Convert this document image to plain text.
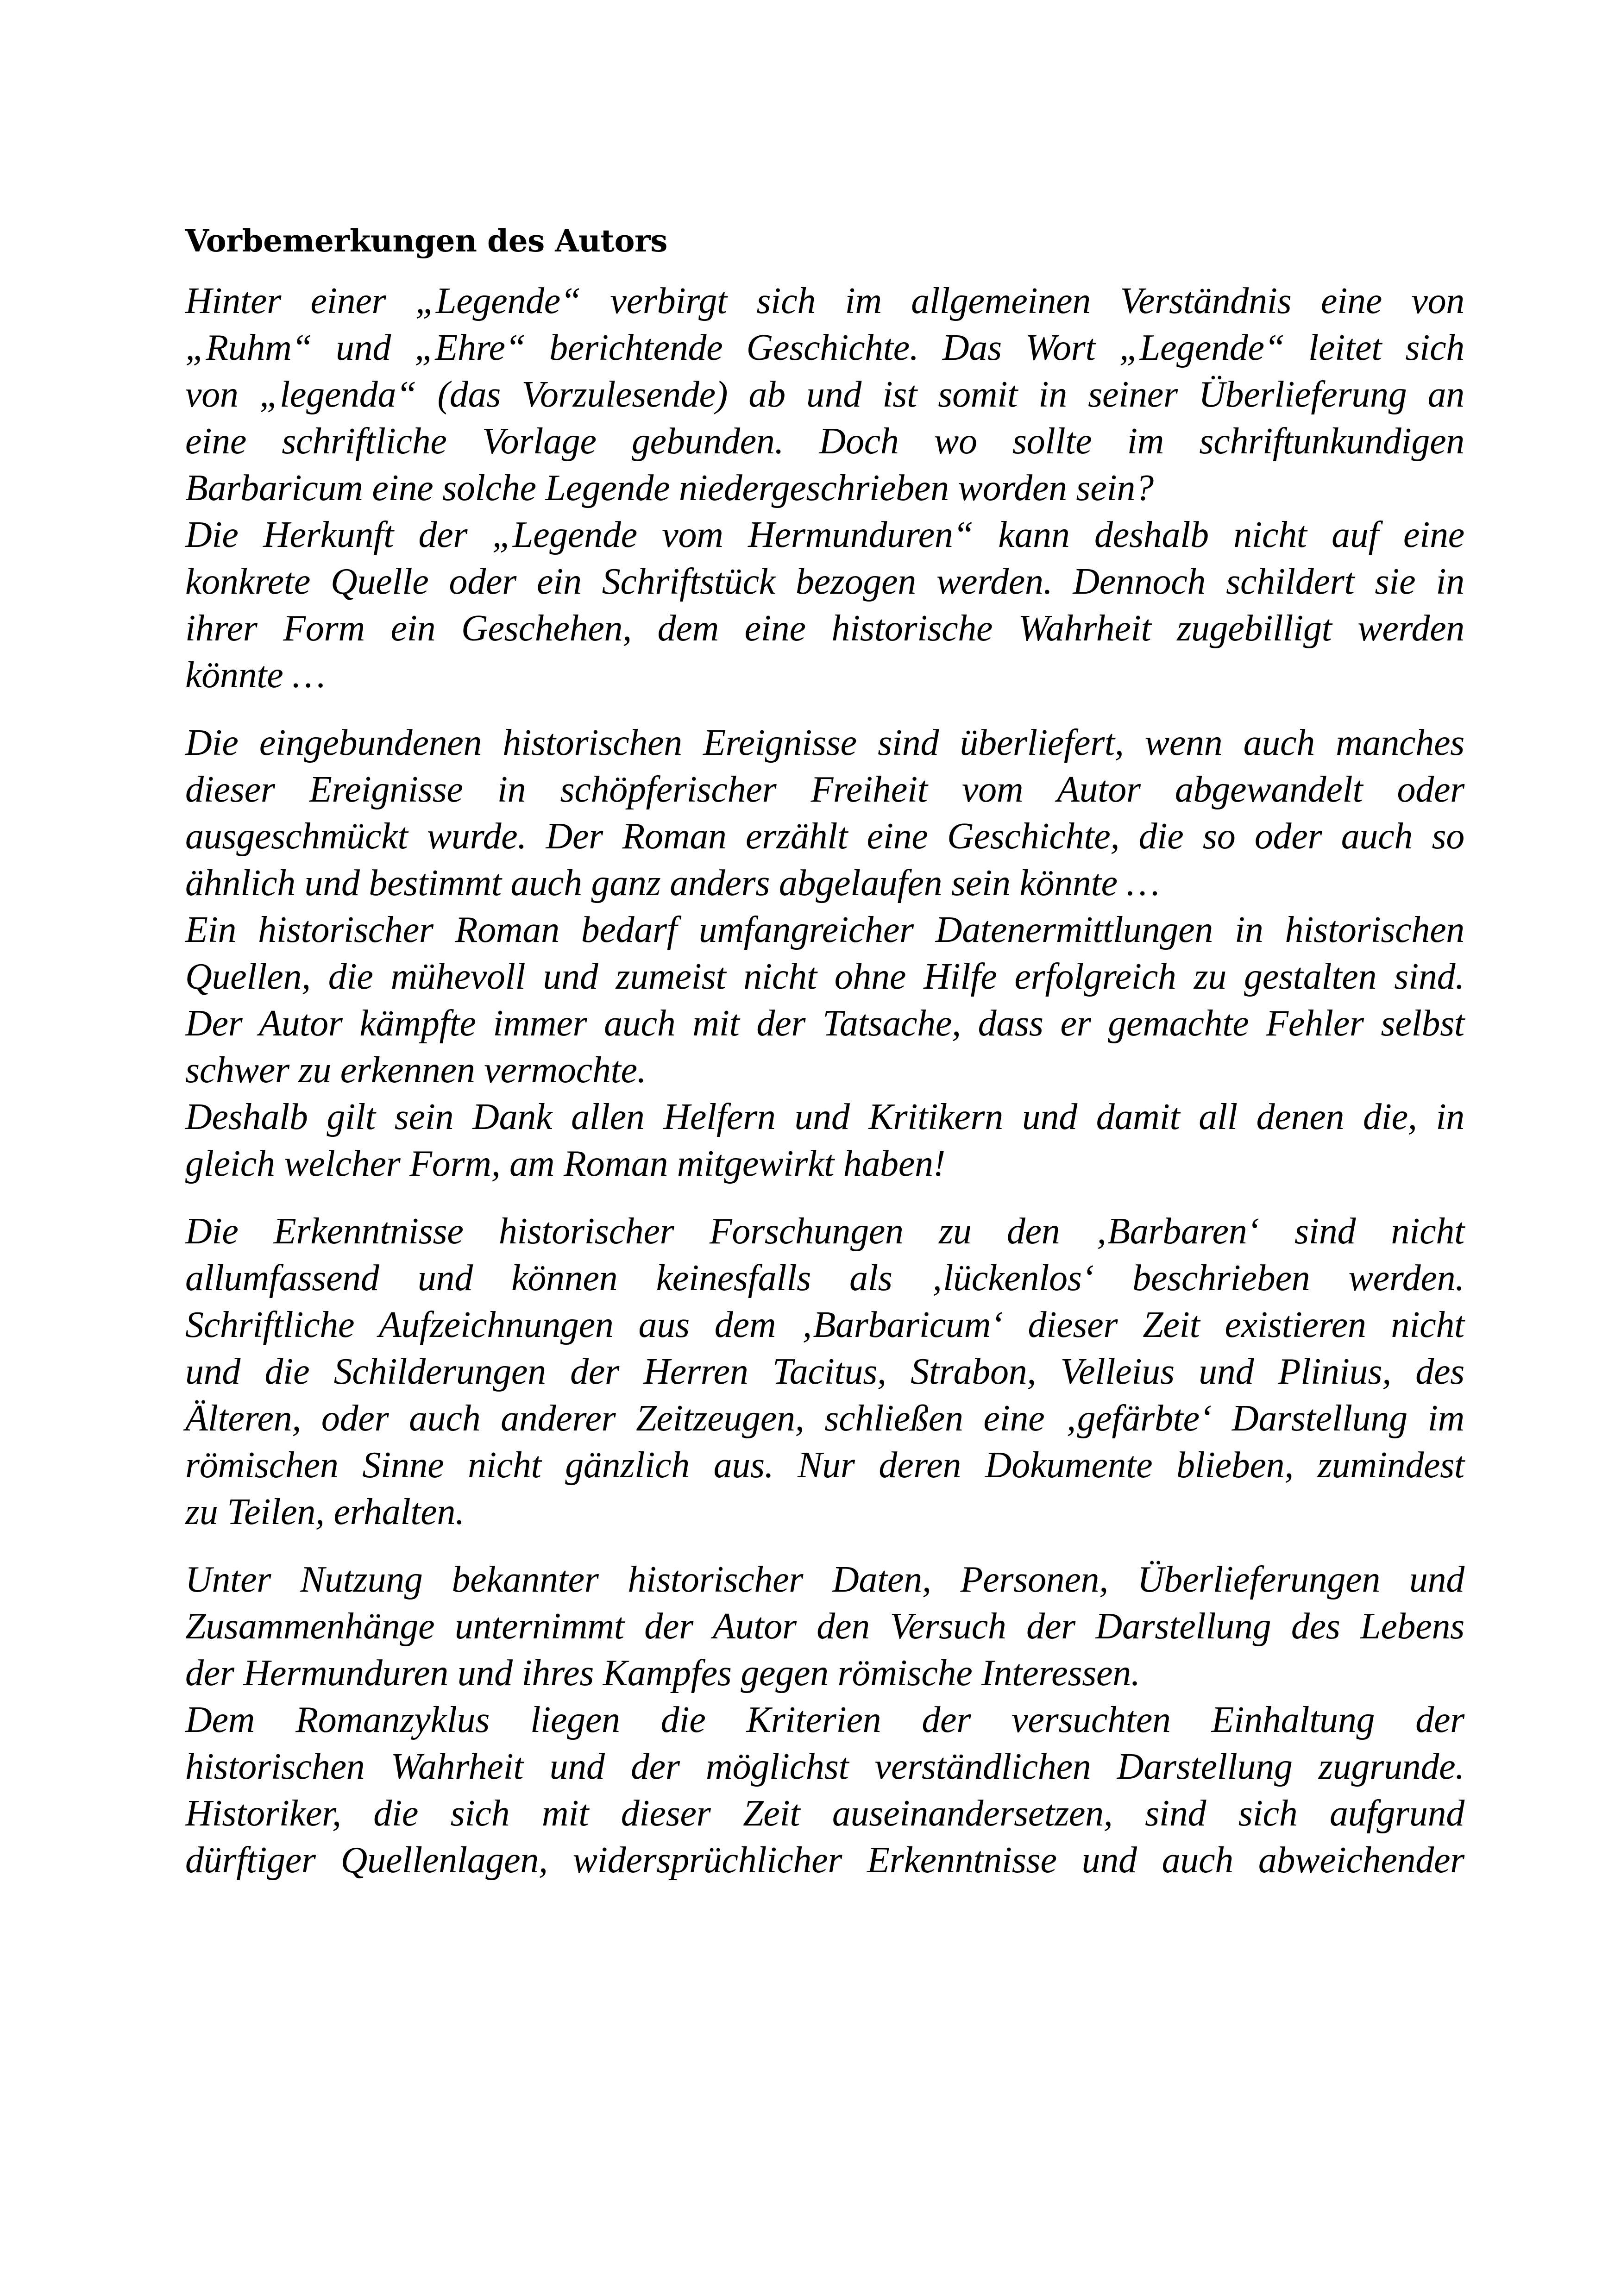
Vorbemerkungen des Autors
Hinter einer „Legende“ verbirgt sich im allgemeinen Verständnis eine von
„Ruhm“ und „Ehre“ berichtende Geschichte. Das Wort „Legende“ leitet sich
von „legenda“ (das Vorzulesende) ab und ist somit in seiner Überlieferung an
eine schriftliche Vorlage gebunden. Doch wo sollte im schriftunkundigen
Barbaricum eine solche Legende niedergeschrieben worden sein?
Die Herkunft der „Legende vom Hermunduren“ kann deshalb nicht auf eine
konkrete Quelle oder ein Schriftstück bezogen werden. Dennoch schildert sie in
ihrer Form ein Geschehen, dem eine historische Wahrheit zugebilligt werden
könnte …
Die eingebundenen historischen Ereignisse sind überliefert, wenn auch manches
dieser Ereignisse in schöpferischer Freiheit vom Autor abgewandelt oder
ausgeschmückt wurde. Der Roman erzählt eine Geschichte, die so oder auch so
ähnlich und bestimmt auch ganz anders abgelaufen sein könnte …
Ein historischer Roman bedarf umfangreicher Datenermittlungen in historischen
Quellen, die mühevoll und zumeist nicht ohne Hilfe erfolgreich zu gestalten sind.
Der Autor kämpfte immer auch mit der Tatsache, dass er gemachte Fehler selbst
schwer zu erkennen vermochte.
Deshalb gilt sein Dank allen Helfern und Kritikern und damit all denen die, in
gleich welcher Form, am Roman mitgewirkt haben!
Die Erkenntnisse historischer Forschungen zu den ‚Barbaren‘ sind nicht
allumfassend und können keinesfalls als ‚lückenlos‘ beschrieben werden.
Schriftliche Aufzeichnungen aus dem ‚Barbaricum‘ dieser Zeit existieren nicht
und die Schilderungen der Herren Tacitus, Strabon, Velleius und Plinius, des
Älteren, oder auch anderer Zeitzeugen, schließen eine ‚gefärbte‘ Darstellung im
römischen Sinne nicht gänzlich aus. Nur deren Dokumente blieben, zumindest
zu Teilen, erhalten.
Unter Nutzung bekannter historischer Daten, Personen, Überlieferungen und
Zusammenhänge unternimmt der Autor den Versuch der Darstellung des Lebens
der Hermunduren und ihres Kampfes gegen römische Interessen.
Dem Romanzyklus liegen die Kriterien der versuchten Einhaltung der
historischen Wahrheit und der möglichst verständlichen Darstellung zugrunde.
Historiker, die sich mit dieser Zeit auseinandersetzen, sind sich aufgrund
dürftiger Quellenlagen, widersprüchlicher Erkenntnisse und auch abweichender
